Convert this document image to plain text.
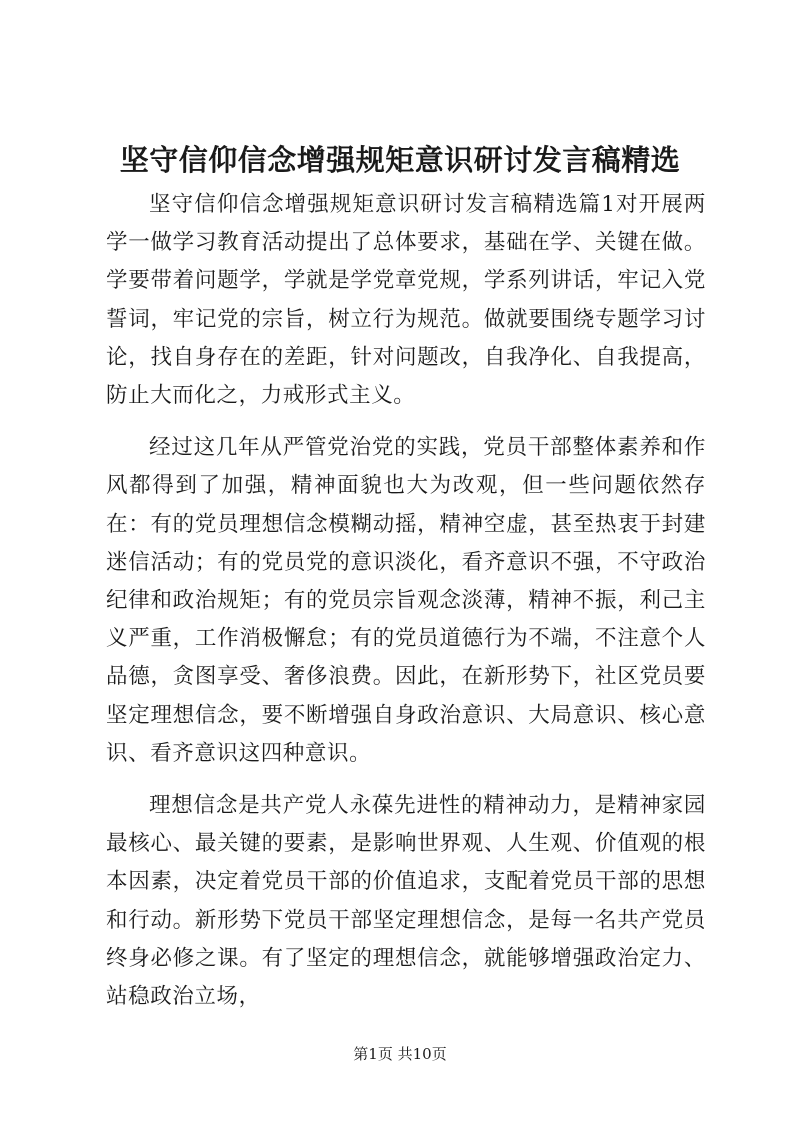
坚守信仰信念增强规矩意识研讨发言稿精选

坚守信仰信念增强规矩意识研讨发言稿精选篇1对开展两学一做学习教育活动提出了总体要求，基础在学、关键在做。学要带着问题学，学就是学党章党规，学系列讲话，牢记入党誓词，牢记党的宗旨，树立行为规范。做就要围绕专题学习讨论，找自身存在的差距，针对问题改，自我净化、自我提高，防止大而化之，力戒形式主义。

经过这几年从严管党治党的实践，党员干部整体素养和作风都得到了加强，精神面貌也大为改观，但一些问题依然存在：有的党员理想信念模糊动摇，精神空虚，甚至热衷于封建迷信活动；有的党员党的意识淡化，看齐意识不强，不守政治纪律和政治规矩；有的党员宗旨观念淡薄，精神不振，利己主义严重，工作消极懈怠；有的党员道德行为不端，不注意个人品德，贪图享受、奢侈浪费。因此，在新形势下，社区党员要坚定理想信念，要不断增强自身政治意识、大局意识、核心意识、看齐意识这四种意识。

理想信念是共产党人永葆先进性的精神动力，是精神家园最核心、最关键的要素，是影响世界观、人生观、价值观的根本因素，决定着党员干部的价值追求，支配着党员干部的思想和行动。新形势下党员干部坚定理想信念，是每一名共产党员终身必修之课。有了坚定的理想信念，就能够增强政治定力、站稳政治立场，

第1页 共10页
